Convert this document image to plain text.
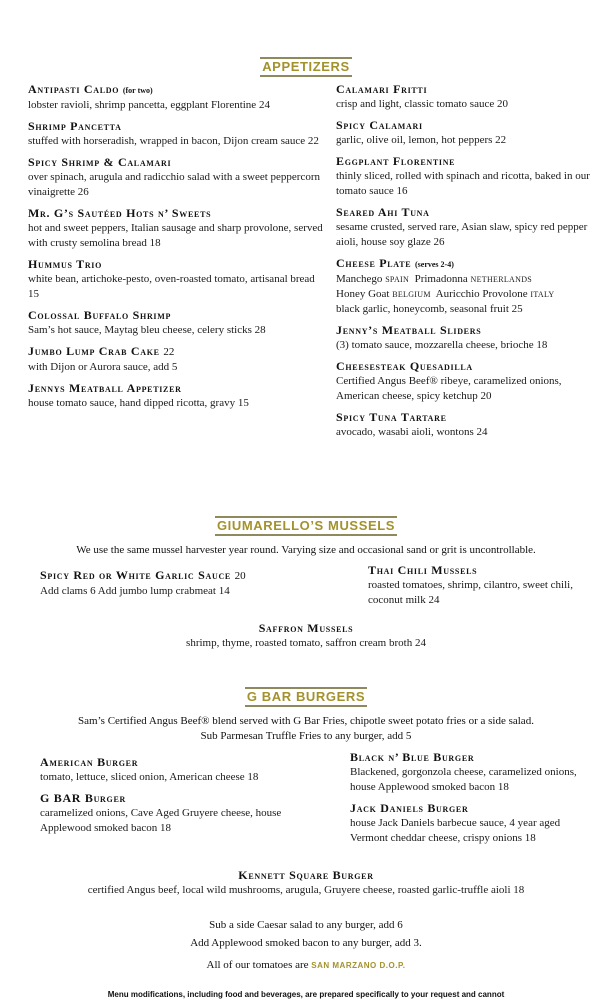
APPETIZERS
Antipasti Caldo (for two)
lobster ravioli, shrimp pancetta, eggplant Florentine 24
Shrimp Pancetta
stuffed with horseradish, wrapped in bacon, Dijon cream sauce 22
Spicy Shrimp & Calamari
over spinach, arugula and radicchio salad with a sweet peppercorn vinaigrette 26
Mr. G’s Sautéed Hots n’ Sweets
hot and sweet peppers, Italian sausage and sharp provolone, served with crusty semolina bread 18
Hummus Trio
white bean, artichoke-pesto, oven-roasted tomato, artisanal bread 15
Colossal Buffalo Shrimp
Sam’s hot sauce, Maytag bleu cheese, celery sticks 28
Jumbo Lump Crab Cake 22
with Dijon or Aurora sauce, add 5
Jennys Meatball Appetizer
house tomato sauce, hand dipped ricotta, gravy 15
Calamari Fritti
crisp and light, classic tomato sauce 20
Spicy Calamari
garlic, olive oil, lemon, hot peppers 22
Eggplant Florentine
thinly sliced, rolled with spinach and ricotta, baked in our tomato sauce 16
Seared Ahi Tuna
sesame crusted, served rare, Asian slaw, spicy red pepper aioli, house soy glaze 26
Cheese Plate (serves 2-4)
Manchego SPAIN Primadonna NETHERLANDS
Honey Goat BELGIUM Auricchio Provolone ITALY
black garlic, honeycomb, seasonal fruit 25
Jenny’s Meatball Sliders
(3) tomato sauce, mozzarella cheese, brioche 18
Cheesesteak Quesadilla
Certified Angus Beef® ribeye, caramelized onions, American cheese, spicy ketchup 20
Spicy Tuna Tartare
avocado, wasabi aioli, wontons 24
GIUMARELLO’S MUSSELS
We use the same mussel harvester year round. Varying size and occasional sand or grit is uncontrollable.
Spicy Red or White Garlic Sauce 20
Add clams 6 Add jumbo lump crabmeat 14
Thai Chili Mussels
roasted tomatoes, shrimp, cilantro, sweet chili, coconut milk 24
Saffron Mussels
shrimp, thyme, roasted tomato, saffron cream broth 24
G BAR BURGERS
Sam’s Certified Angus Beef® blend served with G Bar Fries, chipotle sweet potato fries or a side salad.
Sub Parmesan Truffle Fries to any burger, add 5
American Burger
tomato, lettuce, sliced onion, American cheese 18
G BAR Burger
caramelized onions, Cave Aged Gruyere cheese, house Applewood smoked bacon 18
Black n’ Blue Burger
Blackened, gorgonzola cheese, caramelized onions, house Applewood smoked bacon 18
Jack Daniels Burger
house Jack Daniels barbecue sauce, 4 year aged Vermont cheddar cheese, crispy onions 18
Kennett Square Burger
certified Angus beef, local wild mushrooms, arugula, Gruyere cheese, roasted garlic-truffle aioli 18
Sub a side Caesar salad to any burger, add 6
Add Applewood smoked bacon to any burger, add 3.
All of our tomatoes are SAN MARZANO D.O.P.
Menu modifications, including food and beverages, are prepared specifically to your request and cannot
